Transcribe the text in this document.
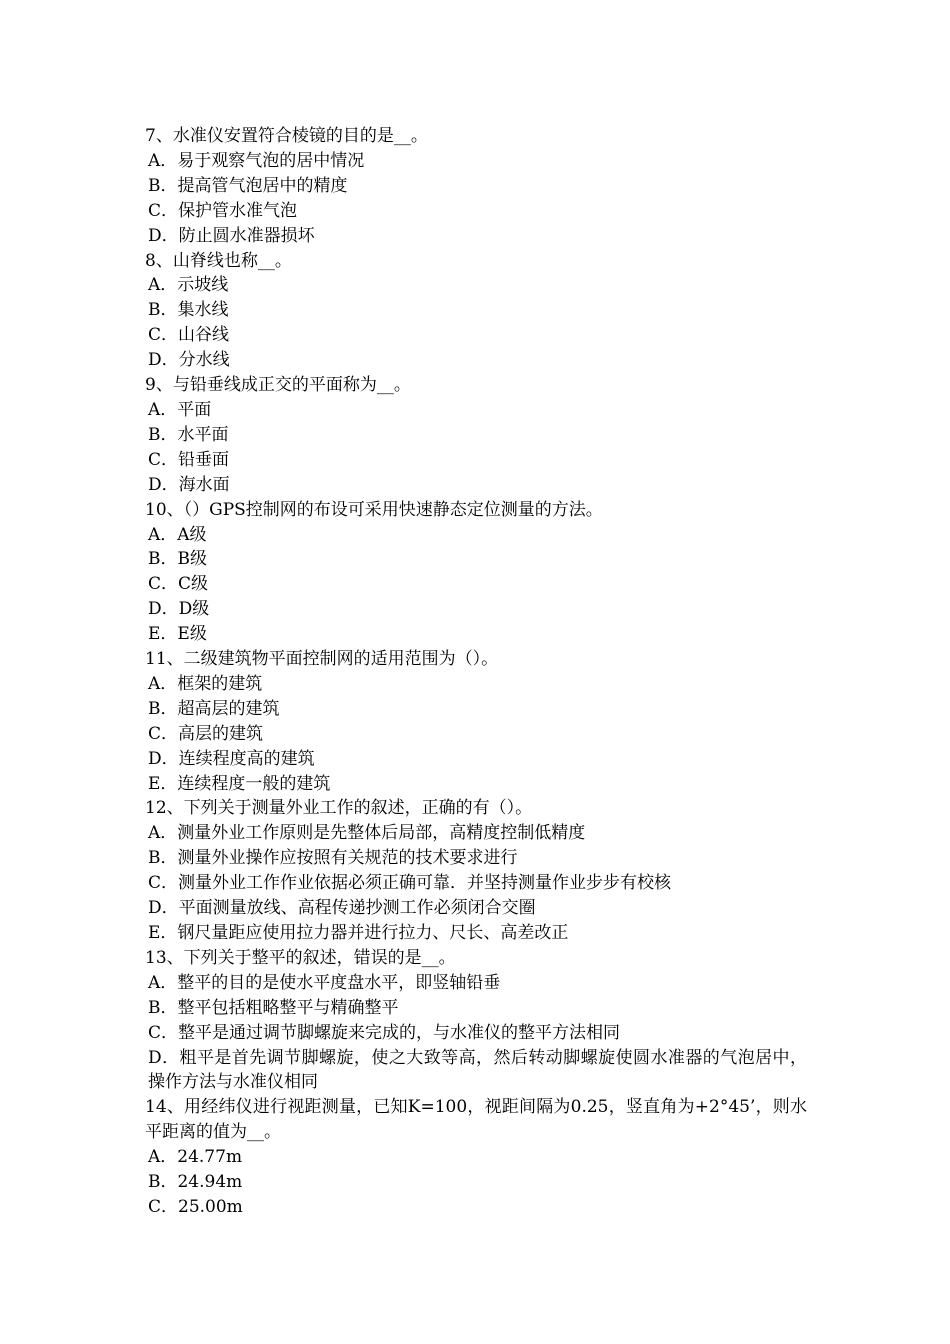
7、水准仪安置符合棱镜的目的是__。
A．易于观察气泡的居中情况
B．提高管气泡居中的精度
C．保护管水准气泡
D．防止圆水准器损坏
8、山脊线也称__。
A．示坡线
B．集水线
C．山谷线
D．分水线
9、与铅垂线成正交的平面称为__。
A．平面
B．水平面
C．铅垂面
D．海水面
10、（）GPS控制网的布设可采用快速静态定位测量的方法。
A．A级
B．B级
C．C级
D．D级
E．E级
11、二级建筑物平面控制网的适用范围为（）。
A．框架的建筑
B．超高层的建筑
C．高层的建筑
D．连续程度高的建筑
E．连续程度一般的建筑
12、下列关于测量外业工作的叙述，正确的有（）。
A．测量外业工作原则是先整体后局部，高精度控制低精度
B．测量外业操作应按照有关规范的技术要求进行
C．测量外业工作作业依据必须正确可靠．并坚持测量作业步步有校核
D．平面测量放线、高程传递抄测工作必须闭合交圈
E．钢尺量距应使用拉力器并进行拉力、尺长、高差改正
13、下列关于整平的叙述，错误的是__。
A．整平的目的是使水平度盘水平，即竖轴铅垂
B．整平包括粗略整平与精确整平
C．整平是通过调节脚螺旋来完成的，与水准仪的整平方法相同
D．粗平是首先调节脚螺旋，使之大致等高，然后转动脚螺旋使圆水准器的气泡居中，操作方法与水准仪相同
14、用经纬仪进行视距测量，已知K=100，视距间隔为0.25，竖直角为+2°45’，则水平距离的值为__。
A．24.77m
B．24.94m
C．25.00m
